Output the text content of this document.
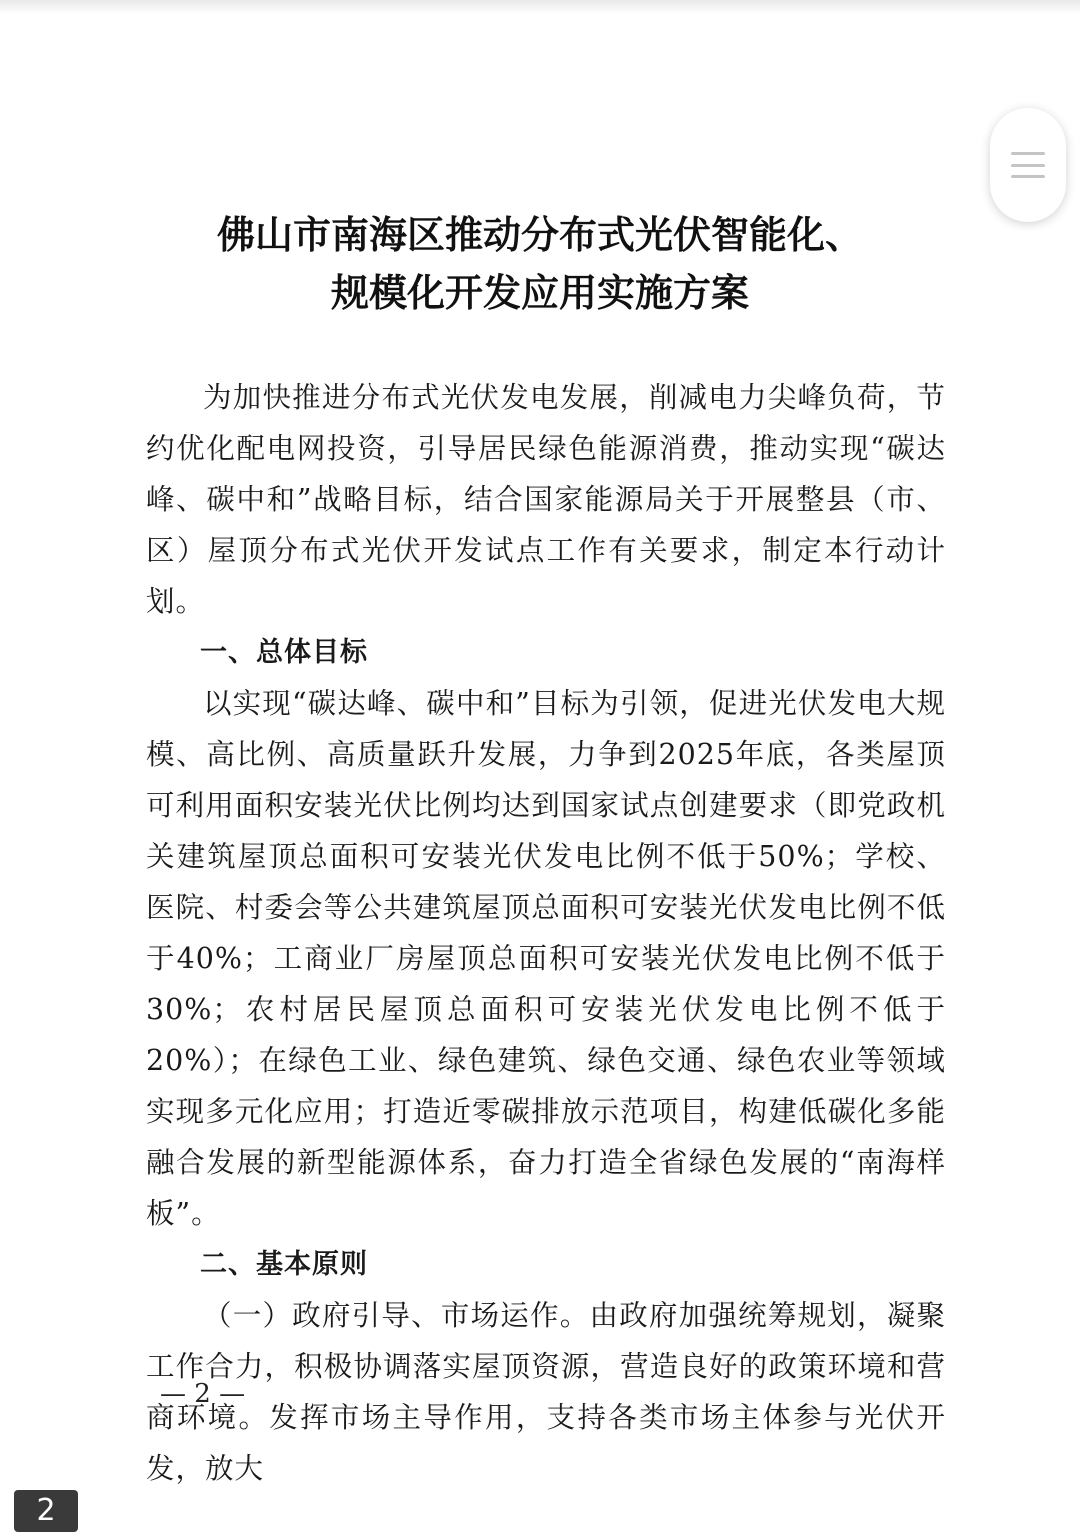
佛山市南海区推动分布式光伏智能化、
规模化开发应用实施方案

为加快推进分布式光伏发电发展，削减电力尖峰负荷，节约优化配电网投资，引导居民绿色能源消费，推动实现“碳达峰、碳中和”战略目标，结合国家能源局关于开展整县（市、区）屋顶分布式光伏开发试点工作有关要求，制定本行动计划。

一、总体目标

以实现“碳达峰、碳中和”目标为引领，促进光伏发电大规模、高比例、高质量跃升发展，力争到2025年底，各类屋顶可利用面积安装光伏比例均达到国家试点创建要求（即党政机关建筑屋顶总面积可安装光伏发电比例不低于50%；学校、医院、村委会等公共建筑屋顶总面积可安装光伏发电比例不低于40%；工商业厂房屋顶总面积可安装光伏发电比例不低于30%；农村居民屋顶总面积可安装光伏发电比例不低于20%）；在绿色工业、绿色建筑、绿色交通、绿色农业等领域实现多元化应用；打造近零碳排放示范项目，构建低碳化多能融合发展的新型能源体系，奋力打造全省绿色发展的“南海样板”。

二、基本原则

（一）政府引导、市场运作。由政府加强统筹规划，凝聚工作合力，积极协调落实屋顶资源，营造良好的政策环境和营商环境。发挥市场主导作用，支持各类市场主体参与光伏开发，放大

— 2 —
2
